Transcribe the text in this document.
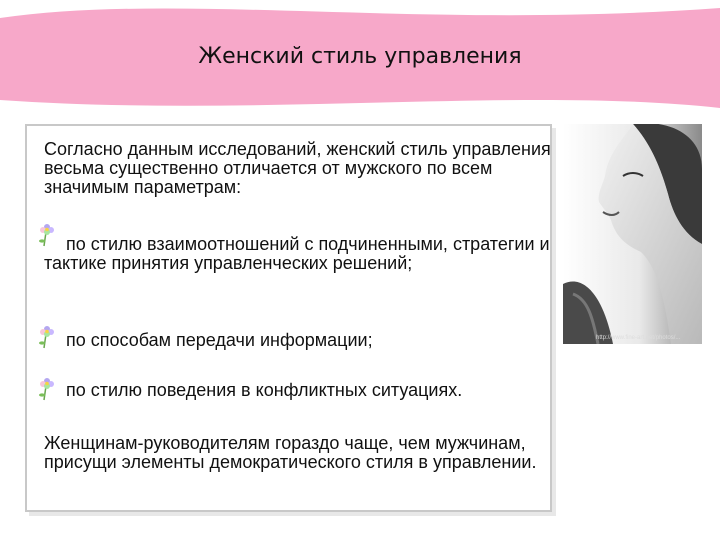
Женский стиль управления

Согласно данным исследований, женский стиль управления весьма существенно отличается от мужского по всем значимым параметрам:

по стилю взаимоотношений с подчиненными, стратегии и тактике принятия управленческих решений;

по способам передачи информации;

по стилю поведения в конфликтных ситуациях.

Женщинам-руководителям гораздо чаще, чем мужчинам, присущи элементы демократического стиля в управлении.

http://www.fine-art.net/photos/...
